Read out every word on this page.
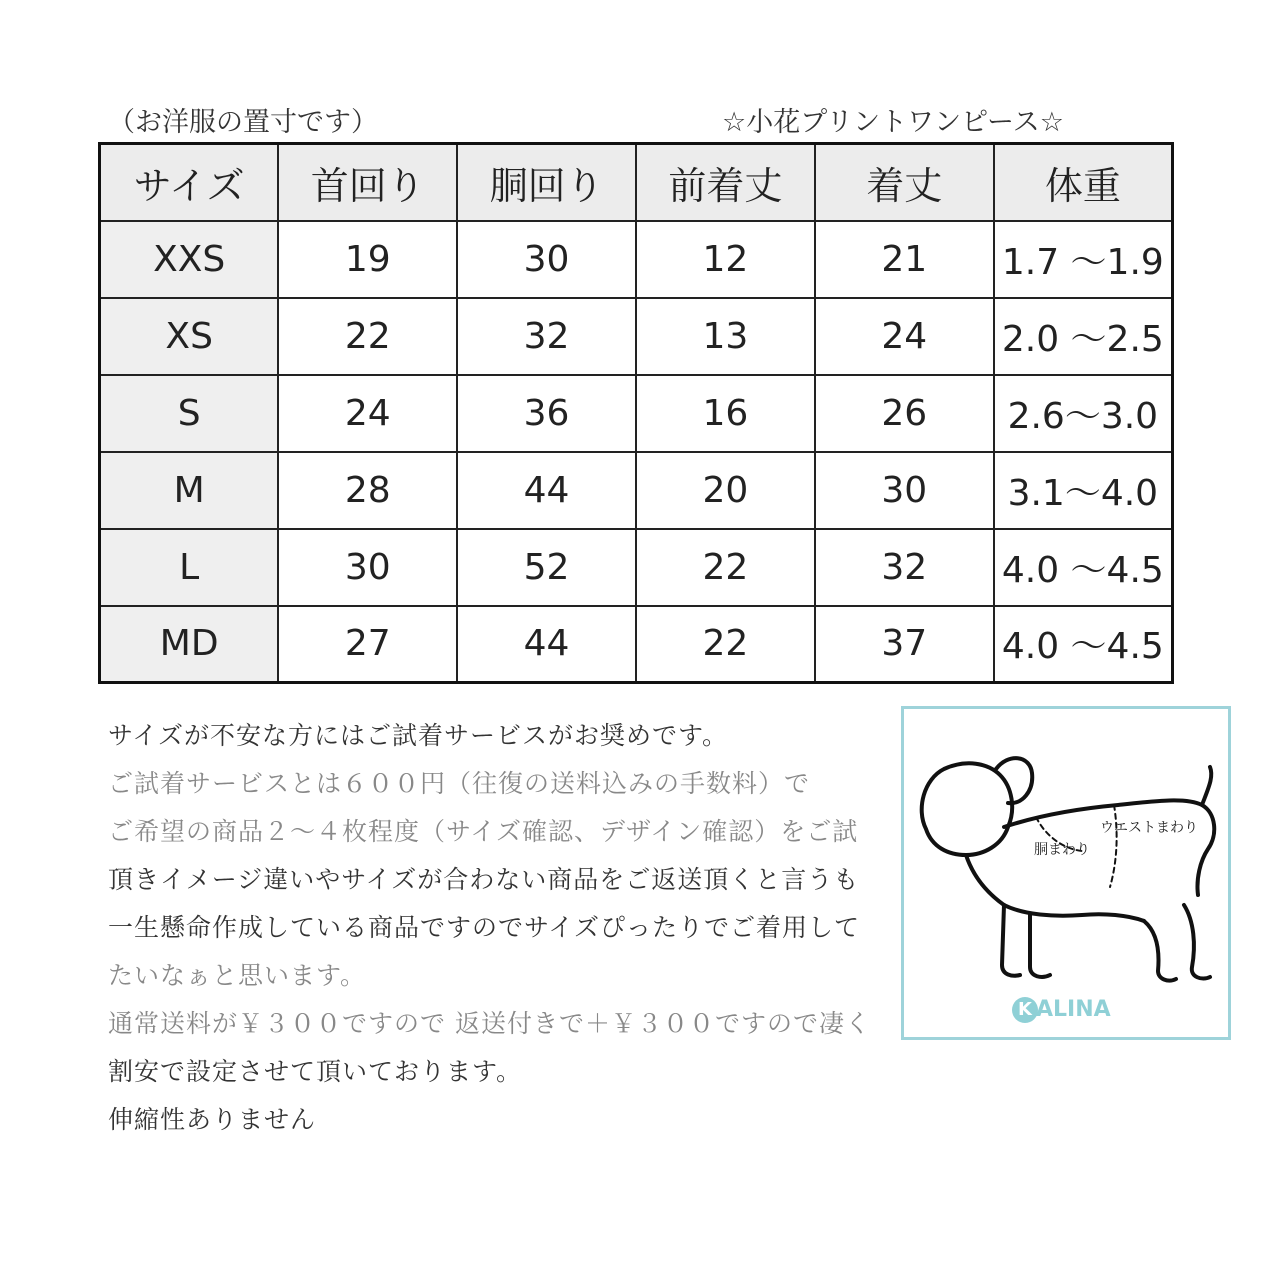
（お洋服の置寸です）	☆小花プリントワンピース☆
サイズ	首回り	胴回り	前着丈	着丈	体重
XXS	19	30	12	21	1.7 〜1.9
XS	22	32	13	24	2.0 〜2.5
S	24	36	16	26	2.6〜3.0
M	28	44	20	30	3.1〜4.0
L	30	52	22	32	4.0 〜4.5
MD	27	44	22	37	4.0 〜4.5
サイズが不安な方にはご試着サービスがお奨めです。
ご試着サービスとは６００円（往復の送料込みの手数料）で
ご希望の商品２～４枚程度（サイズ確認、デザイン確認）をご試
頂きイメージ違いやサイズが合わない商品をご返送頂くと言うも
一生懸命作成している商品ですのでサイズぴったりでご着用して
たいなぁと思います。
通常送料が￥３００ですので 返送付きで＋￥３００ですので凄く
割安で設定させて頂いております。
伸縮性ありません
ウエストまわり
胴まわり
K ALINA
